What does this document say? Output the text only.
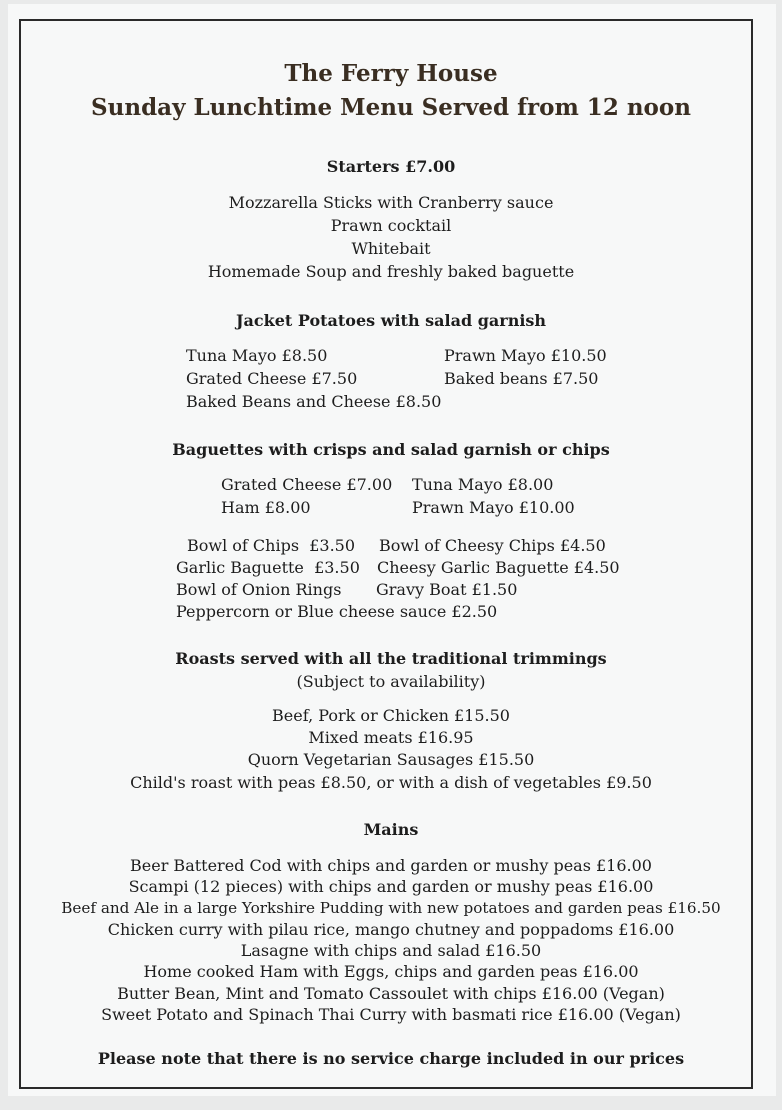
The Ferry House
Sunday Lunchtime Menu Served from 12 noon
Starters £7.00
Mozzarella Sticks with Cranberry sauce
Prawn cocktail
Whitebait
Homemade Soup and freshly baked baguette
Jacket Potatoes with salad garnish
Tuna Mayo £8.50
Grated Cheese £7.50
Baked Beans and Cheese £8.50
Prawn Mayo £10.50
Baked beans £7.50
Baguettes with crisps and salad garnish or chips
Grated Cheese £7.00
Ham £8.00
Tuna Mayo £8.00
Prawn Mayo £10.00
Bowl of Chips  £3.50
Garlic Baguette  £3.50
Bowl of Onion Rings
Bowl of Cheesy Chips £4.50
Cheesy Garlic Baguette £4.50
Gravy Boat £1.50
Peppercorn or Blue cheese sauce £2.50
Roasts served with all the traditional trimmings
(Subject to availability)
Beef, Pork or Chicken £15.50
Mixed meats £16.95
Quorn Vegetarian Sausages £15.50
Child's roast with peas £8.50, or with a dish of vegetables £9.50
Mains
Beer Battered Cod with chips and garden or mushy peas £16.00
Scampi (12 pieces) with chips and garden or mushy peas £16.00
Beef and Ale in a large Yorkshire Pudding with new potatoes and garden peas £16.50
Chicken curry with pilau rice, mango chutney and poppadoms £16.00
Lasagne with chips and salad £16.50
Home cooked Ham with Eggs, chips and garden peas £16.00
Butter Bean, Mint and Tomato Cassoulet with chips £16.00 (Vegan)
Sweet Potato and Spinach Thai Curry with basmati rice £16.00 (Vegan)
Please note that there is no service charge included in our prices
